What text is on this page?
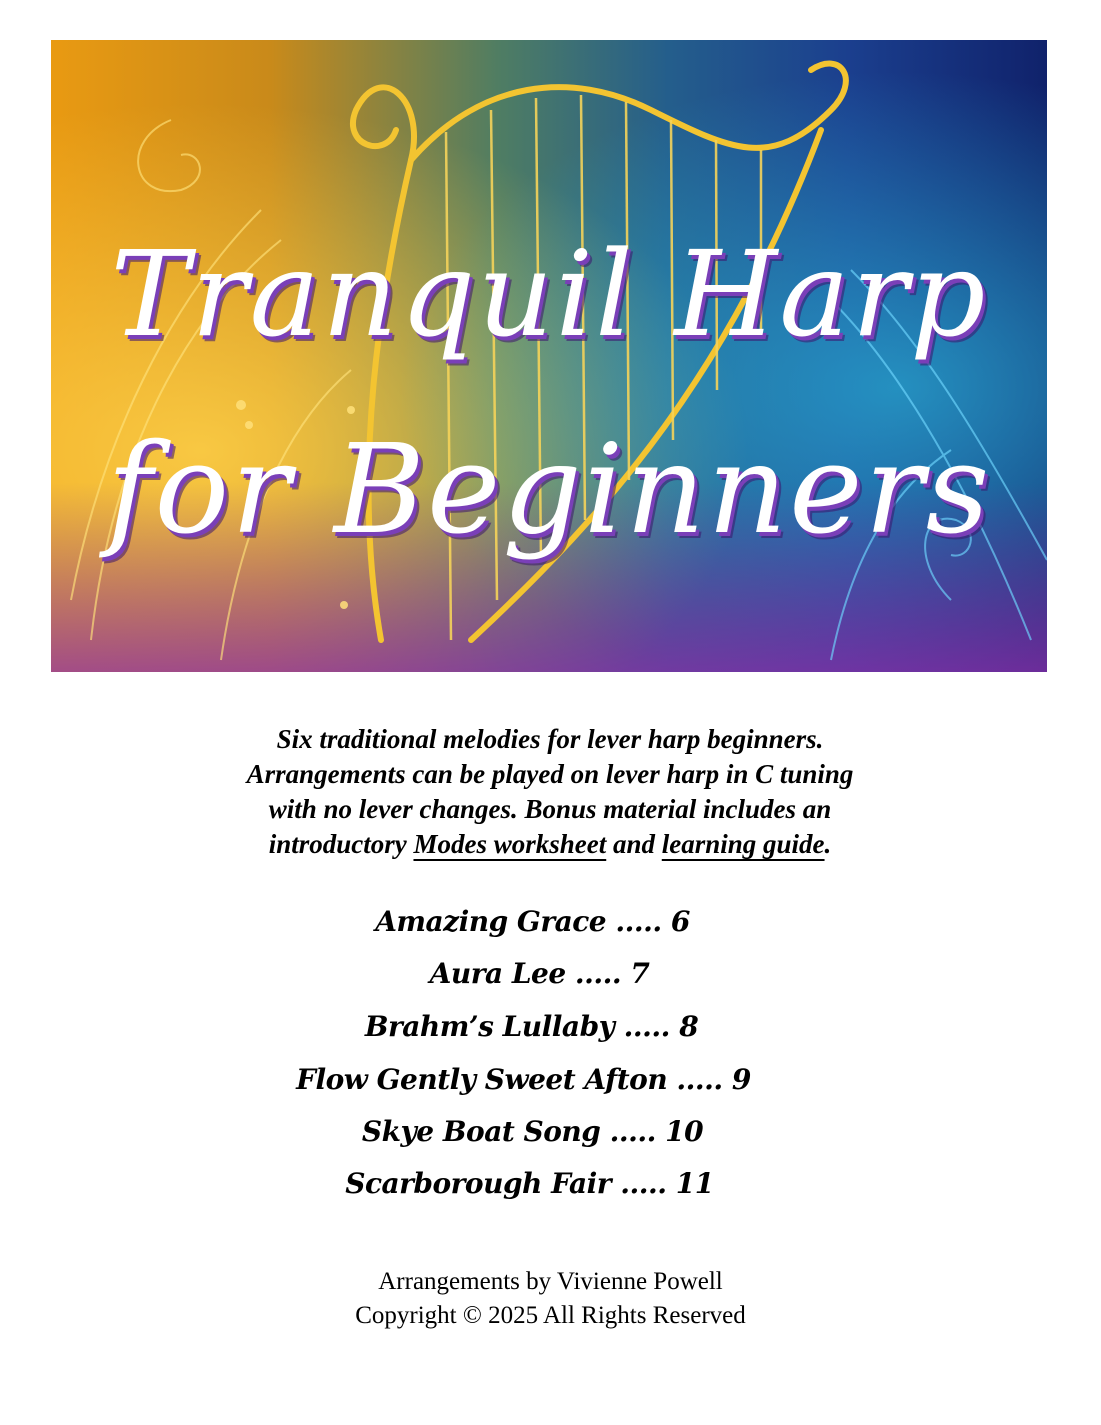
Tranquil Harp
for Beginners
Six traditional melodies for lever harp beginners.
Arrangements can be played on lever harp in C tuning
with no lever changes. Bonus material includes an
introductory Modes worksheet and learning guide.
Amazing Grace ..... 6
Aura Lee ..... 7
Brahm’s Lullaby ..... 8
Flow Gently Sweet Afton ..... 9
Skye Boat Song ..... 10
Scarborough Fair ..... 11
Arrangements by Vivienne Powell
Copyright © 2025 All Rights Reserved
